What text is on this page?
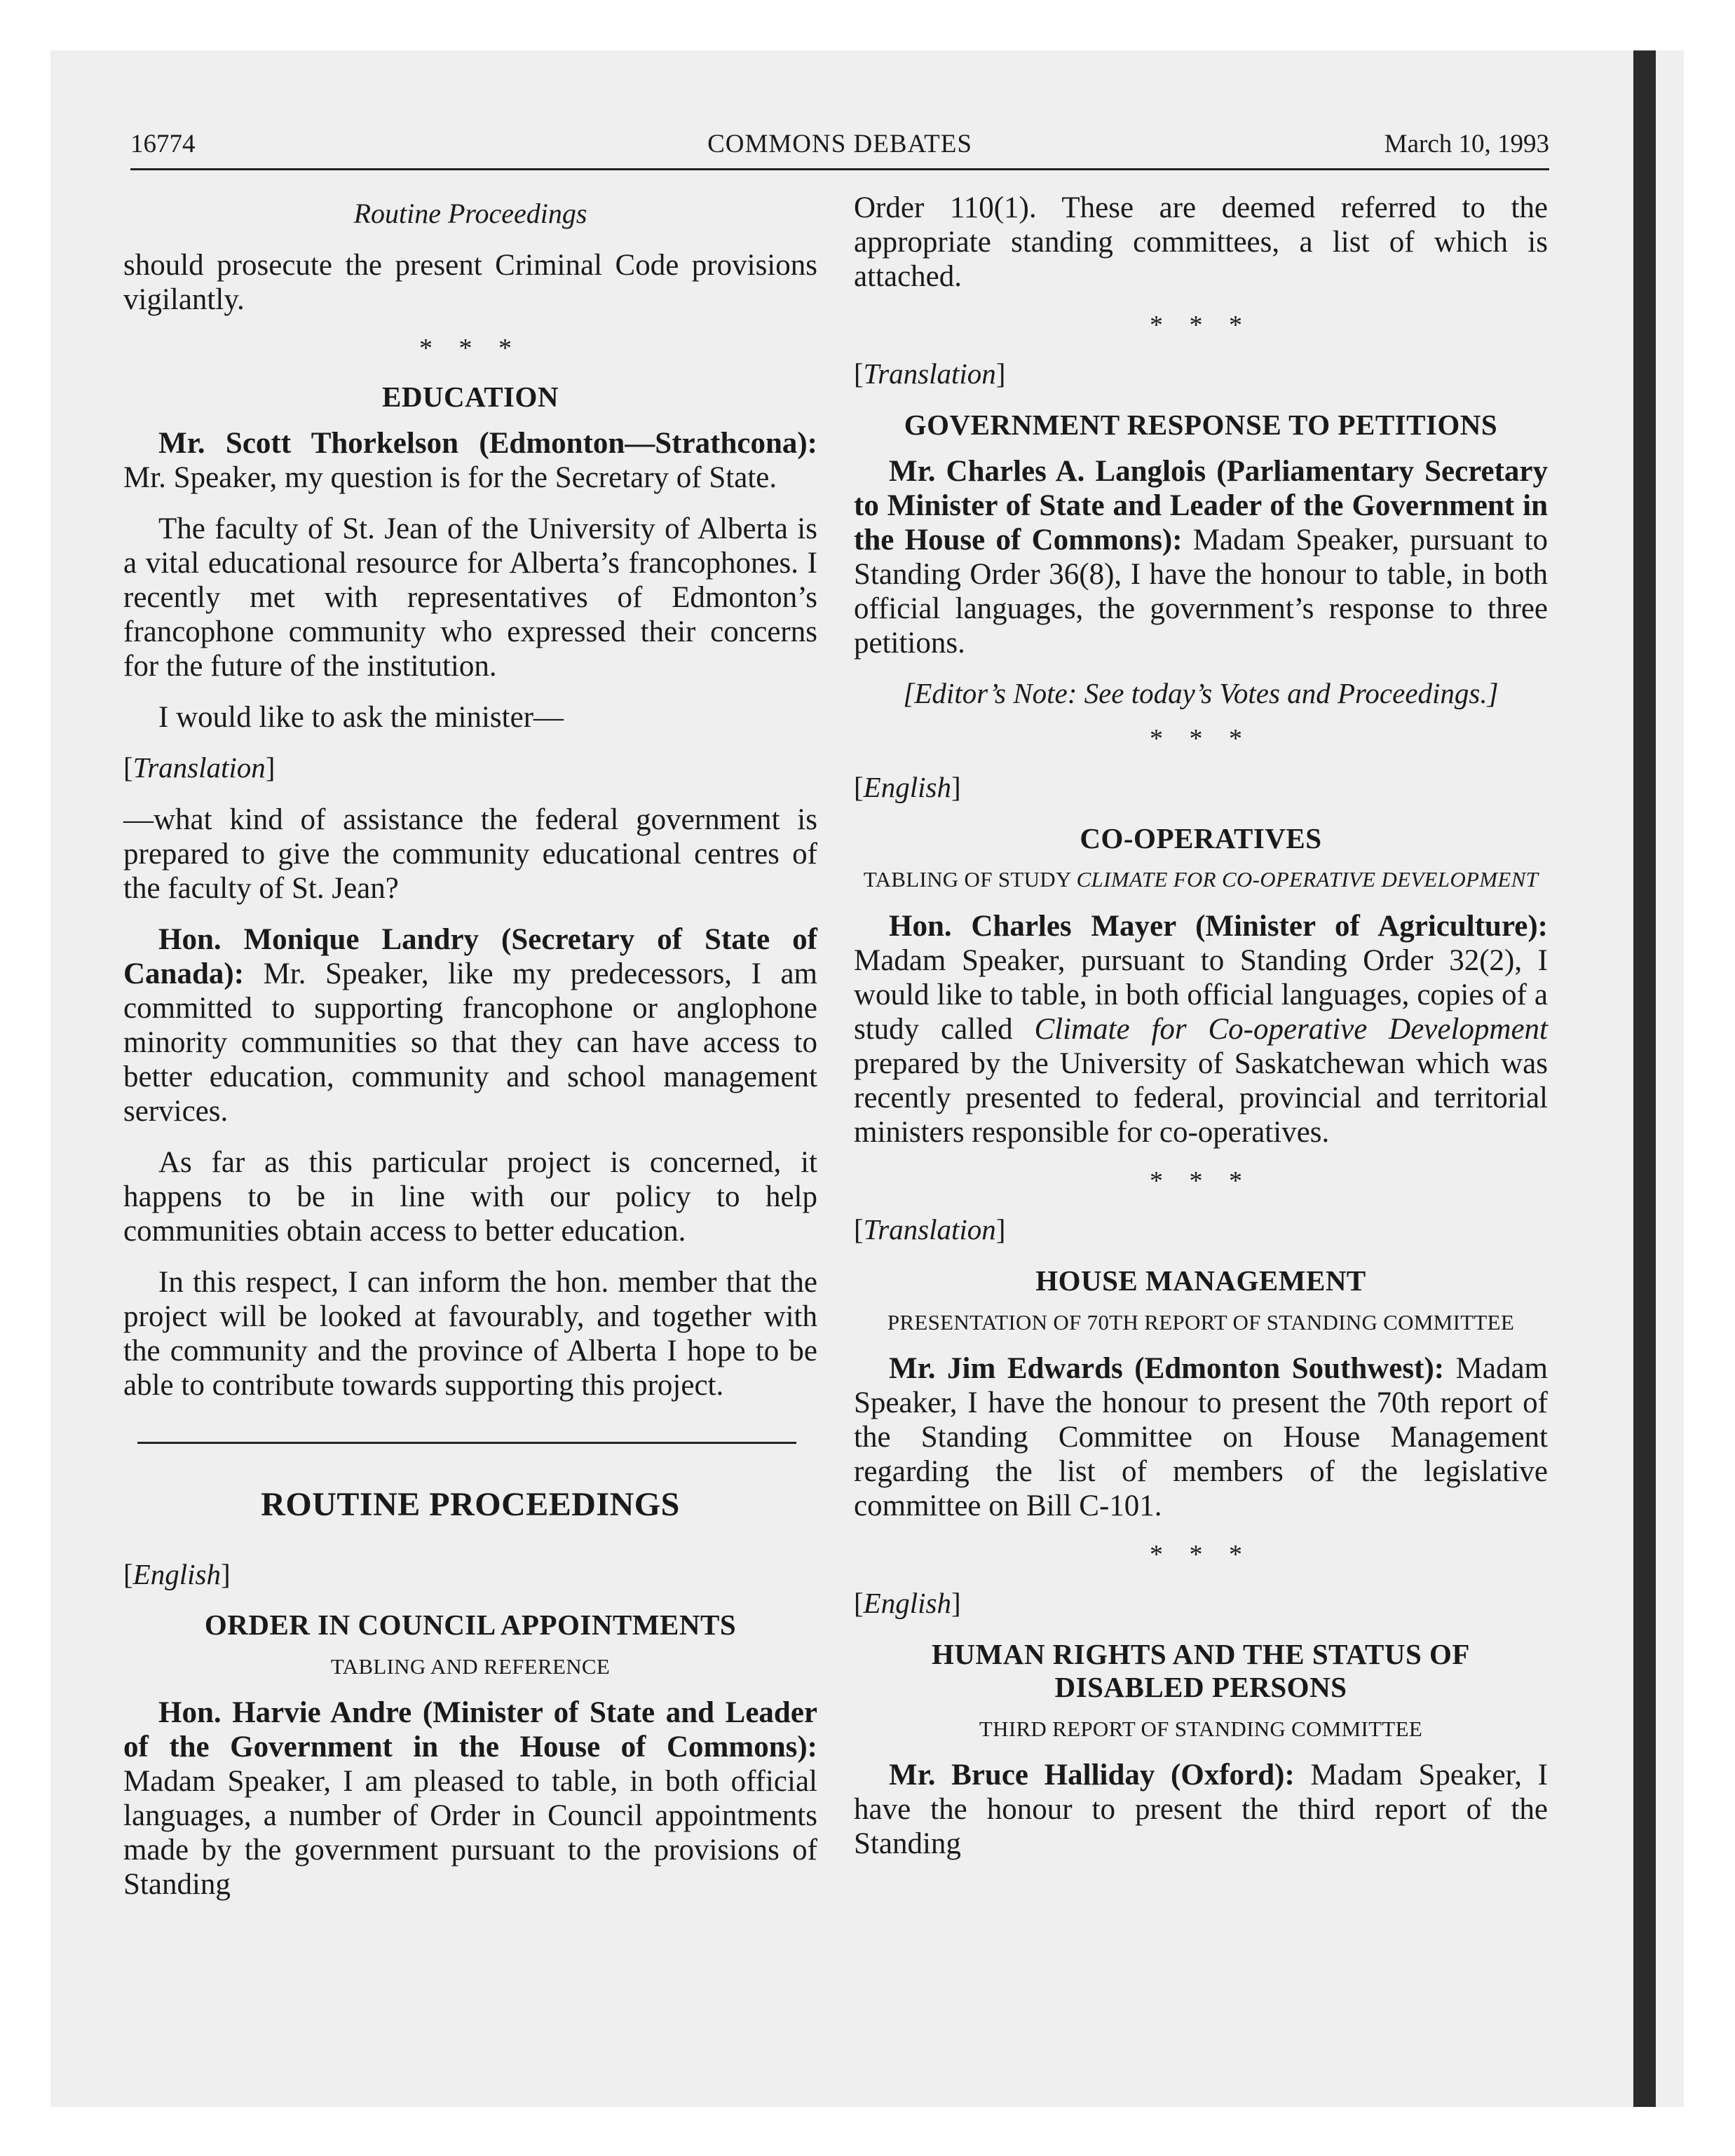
16774	COMMONS DEBATES	March 10, 1993
Routine Proceedings

should prosecute the present Criminal Code provisions vigilantly.

* * *
EDUCATION

Mr. Scott Thorkelson (Edmonton—Strathcona): Mr. Speaker, my question is for the Secretary of State.

The faculty of St. Jean of the University of Alberta is a vital educational resource for Alberta’s francophones. I recently met with representatives of Edmonton’s francophone community who expressed their concerns for the future of the institution.

I would like to ask the minister—

[Translation]

—what kind of assistance the federal government is prepared to give the community educational centres of the faculty of St. Jean?

Hon. Monique Landry (Secretary of State of Canada): Mr. Speaker, like my predecessors, I am committed to supporting francophone or anglophone minority communities so that they can have access to better education, community and school management services.

As far as this particular project is concerned, it happens to be in line with our policy to help communities obtain access to better education.

In this respect, I can inform the hon. member that the project will be looked at favourably, and together with the community and the province of Alberta I hope to be able to contribute towards supporting this project.

ROUTINE PROCEEDINGS
[English]
ORDER IN COUNCIL APPOINTMENTS
TABLING AND REFERENCE

Hon. Harvie Andre (Minister of State and Leader of the Government in the House of Commons): Madam Speaker, I am pleased to table, in both official languages, a number of Order in Council appointments made by the government pursuant to the provisions of Standing

Order 110(1). These are deemed referred to the appropriate standing committees, a list of which is attached.

* * *
[Translation]
GOVERNMENT RESPONSE TO PETITIONS

Mr. Charles A. Langlois (Parliamentary Secretary to Minister of State and Leader of the Government in the House of Commons): Madam Speaker, pursuant to Standing Order 36(8), I have the honour to table, in both official languages, the government’s response to three petitions.

[Editor’s Note: See today’s Votes and Proceedings.]
* * *
[English]
CO-OPERATIVES
TABLING OF STUDY CLIMATE FOR CO-OPERATIVE DEVELOPMENT

Hon. Charles Mayer (Minister of Agriculture): Madam Speaker, pursuant to Standing Order 32(2), I would like to table, in both official languages, copies of a study called Climate for Co-operative Development prepared by the University of Saskatchewan which was recently presented to federal, provincial and territorial ministers responsible for co-operatives.

* * *
[Translation]
HOUSE MANAGEMENT
PRESENTATION OF 70TH REPORT OF STANDING COMMITTEE

Mr. Jim Edwards (Edmonton Southwest): Madam Speaker, I have the honour to present the 70th report of the Standing Committee on House Management regarding the list of members of the legislative committee on Bill C-101.

* * *
[English]
HUMAN RIGHTS AND THE STATUS OF DISABLED PERSONS
THIRD REPORT OF STANDING COMMITTEE

Mr. Bruce Halliday (Oxford): Madam Speaker, I have the honour to present the third report of the Standing
